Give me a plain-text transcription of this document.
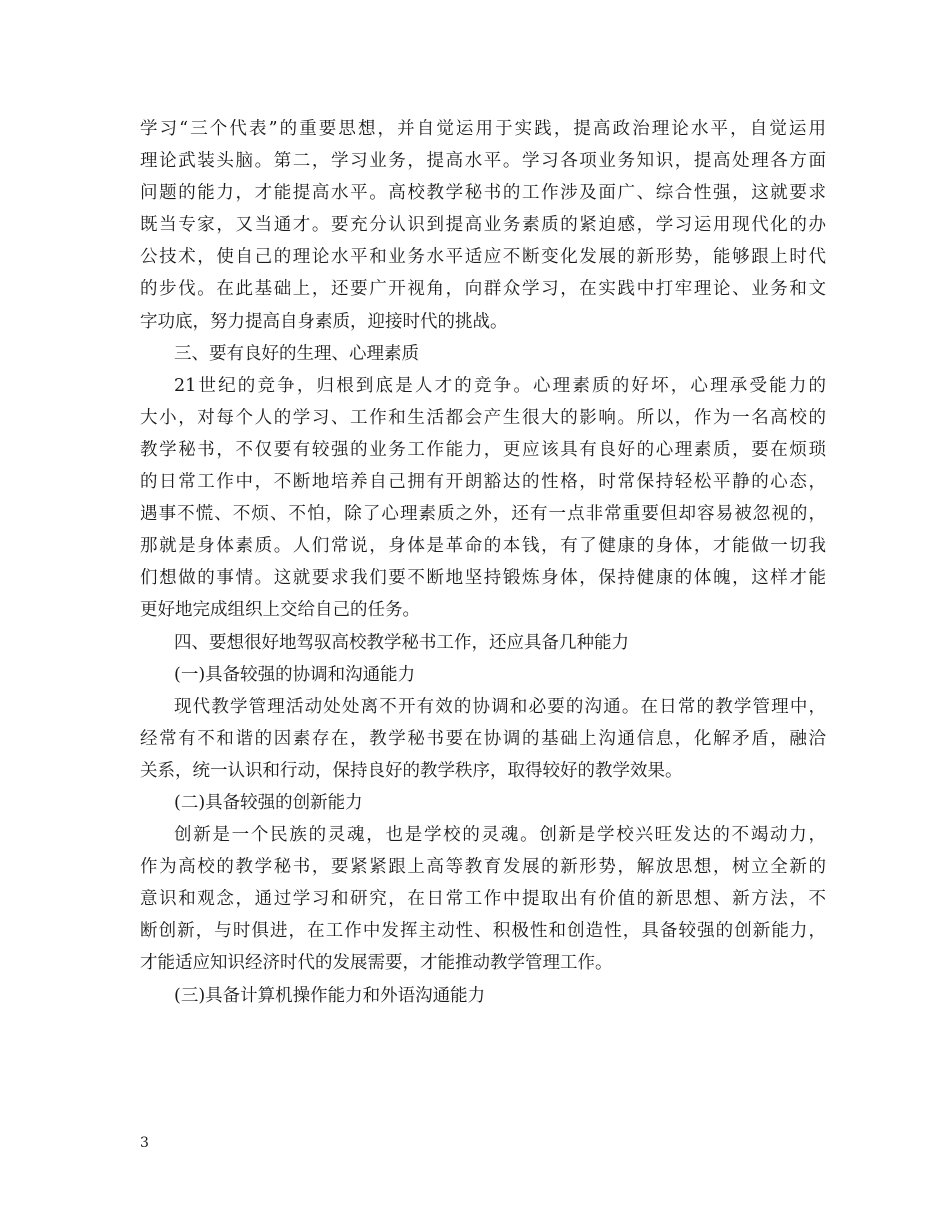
学习“三个代表”的重要思想，并自觉运用于实践，提高政治理论水平，自觉运用
理论武装头脑。第二，学习业务，提高水平。学习各项业务知识，提高处理各方面
问题的能力，才能提高水平。高校教学秘书的工作涉及面广、综合性强，这就要求
既当专家，又当通才。要充分认识到提高业务素质的紧迫感，学习运用现代化的办
公技术，使自己的理论水平和业务水平适应不断变化发展的新形势，能够跟上时代
的步伐。在此基础上，还要广开视角，向群众学习，在实践中打牢理论、业务和文
字功底，努力提高自身素质，迎接时代的挑战。
三、要有良好的生理、心理素质
21世纪的竞争，归根到底是人才的竞争。心理素质的好坏，心理承受能力的
大小，对每个人的学习、工作和生活都会产生很大的影响。所以，作为一名高校的
教学秘书，不仅要有较强的业务工作能力，更应该具有良好的心理素质，要在烦琐
的日常工作中，不断地培养自己拥有开朗豁达的性格，时常保持轻松平静的心态，
遇事不慌、不烦、不怕，除了心理素质之外，还有一点非常重要但却容易被忽视的，
那就是身体素质。人们常说，身体是革命的本钱，有了健康的身体，才能做一切我
们想做的事情。这就要求我们要不断地坚持锻炼身体，保持健康的体魄，这样才能
更好地完成组织上交给自己的任务。
四、要想很好地驾驭高校教学秘书工作，还应具备几种能力
(一)具备较强的协调和沟通能力
现代教学管理活动处处离不开有效的协调和必要的沟通。在日常的教学管理中，
经常有不和谐的因素存在，教学秘书要在协调的基础上沟通信息，化解矛盾，融洽
关系，统一认识和行动，保持良好的教学秩序，取得较好的教学效果。
(二)具备较强的创新能力
创新是一个民族的灵魂，也是学校的灵魂。创新是学校兴旺发达的不竭动力，
作为高校的教学秘书，要紧紧跟上高等教育发展的新形势，解放思想，树立全新的
意识和观念，通过学习和研究，在日常工作中提取出有价值的新思想、新方法，不
断创新，与时俱进，在工作中发挥主动性、积极性和创造性，具备较强的创新能力，
才能适应知识经济时代的发展需要，才能推动教学管理工作。
(三)具备计算机操作能力和外语沟通能力
3
